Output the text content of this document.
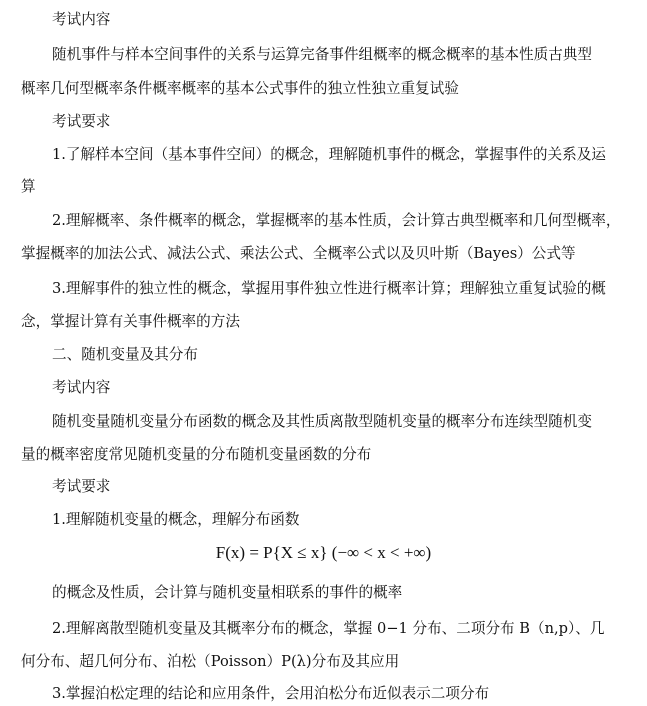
考试内容
随机事件与样本空间事件的关系与运算完备事件组概率的概念概率的基本性质古典型
概率几何型概率条件概率概率的基本公式事件的独立性独立重复试验
考试要求
1.了解样本空间（基本事件空间）的概念，理解随机事件的概念，掌握事件的关系及运
算
2.理解概率、条件概率的概念，掌握概率的基本性质，会计算古典型概率和几何型概率，
掌握概率的加法公式、减法公式、乘法公式、全概率公式以及贝叶斯（Bayes）公式等
3.理解事件的独立性的概念，掌握用事件独立性进行概率计算；理解独立重复试验的概
念，掌握计算有关事件概率的方法
二、随机变量及其分布
考试内容
随机变量随机变量分布函数的概念及其性质离散型随机变量的概率分布连续型随机变
量的概率密度常见随机变量的分布随机变量函数的分布
考试要求
1.理解随机变量的概念，理解分布函数
F(x) = P{X ≤ x} (−∞ < x < +∞)
的概念及性质，会计算与随机变量相联系的事件的概率
2.理解离散型随机变量及其概率分布的概念，掌握 0−1 分布、二项分布 B（n,p）、几
何分布、超几何分布、泊松（Poisson）P(λ)分布及其应用
3.掌握泊松定理的结论和应用条件，会用泊松分布近似表示二项分布
